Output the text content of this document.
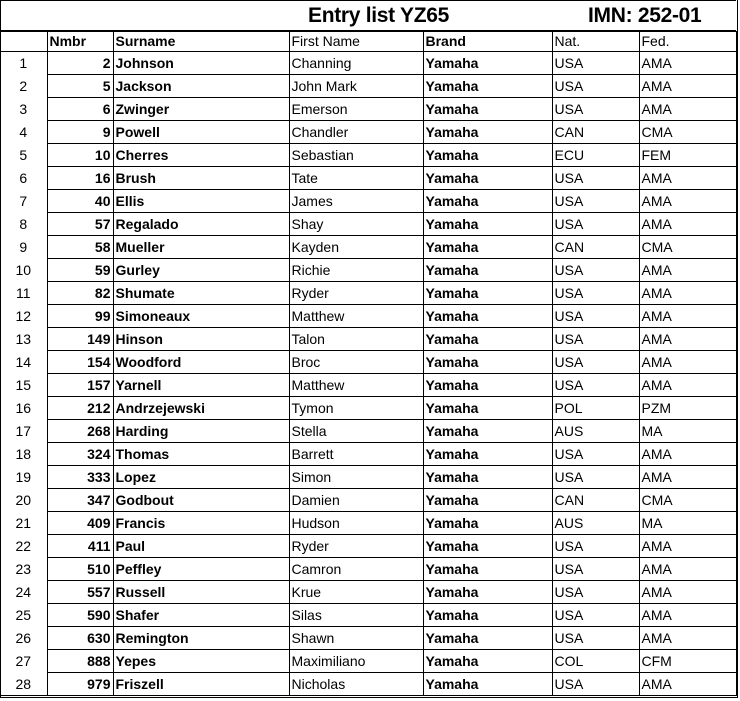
Entry list YZ65	IMN: 252-01
	Nmbr	Surname	First Name	Brand	Nat.	Fed.
1	2	Johnson	Channing	Yamaha	USA	AMA
2	5	Jackson	John Mark	Yamaha	USA	AMA
3	6	Zwinger	Emerson	Yamaha	USA	AMA
4	9	Powell	Chandler	Yamaha	CAN	CMA
5	10	Cherres	Sebastian	Yamaha	ECU	FEM
6	16	Brush	Tate	Yamaha	USA	AMA
7	40	Ellis	James	Yamaha	USA	AMA
8	57	Regalado	Shay	Yamaha	USA	AMA
9	58	Mueller	Kayden	Yamaha	CAN	CMA
10	59	Gurley	Richie	Yamaha	USA	AMA
11	82	Shumate	Ryder	Yamaha	USA	AMA
12	99	Simoneaux	Matthew	Yamaha	USA	AMA
13	149	Hinson	Talon	Yamaha	USA	AMA
14	154	Woodford	Broc	Yamaha	USA	AMA
15	157	Yarnell	Matthew	Yamaha	USA	AMA
16	212	Andrzejewski	Tymon	Yamaha	POL	PZM
17	268	Harding	Stella	Yamaha	AUS	MA
18	324	Thomas	Barrett	Yamaha	USA	AMA
19	333	Lopez	Simon	Yamaha	USA	AMA
20	347	Godbout	Damien	Yamaha	CAN	CMA
21	409	Francis	Hudson	Yamaha	AUS	MA
22	411	Paul	Ryder	Yamaha	USA	AMA
23	510	Peffley	Camron	Yamaha	USA	AMA
24	557	Russell	Krue	Yamaha	USA	AMA
25	590	Shafer	Silas	Yamaha	USA	AMA
26	630	Remington	Shawn	Yamaha	USA	AMA
27	888	Yepes	Maximiliano	Yamaha	COL	CFM
28	979	Friszell	Nicholas	Yamaha	USA	AMA
